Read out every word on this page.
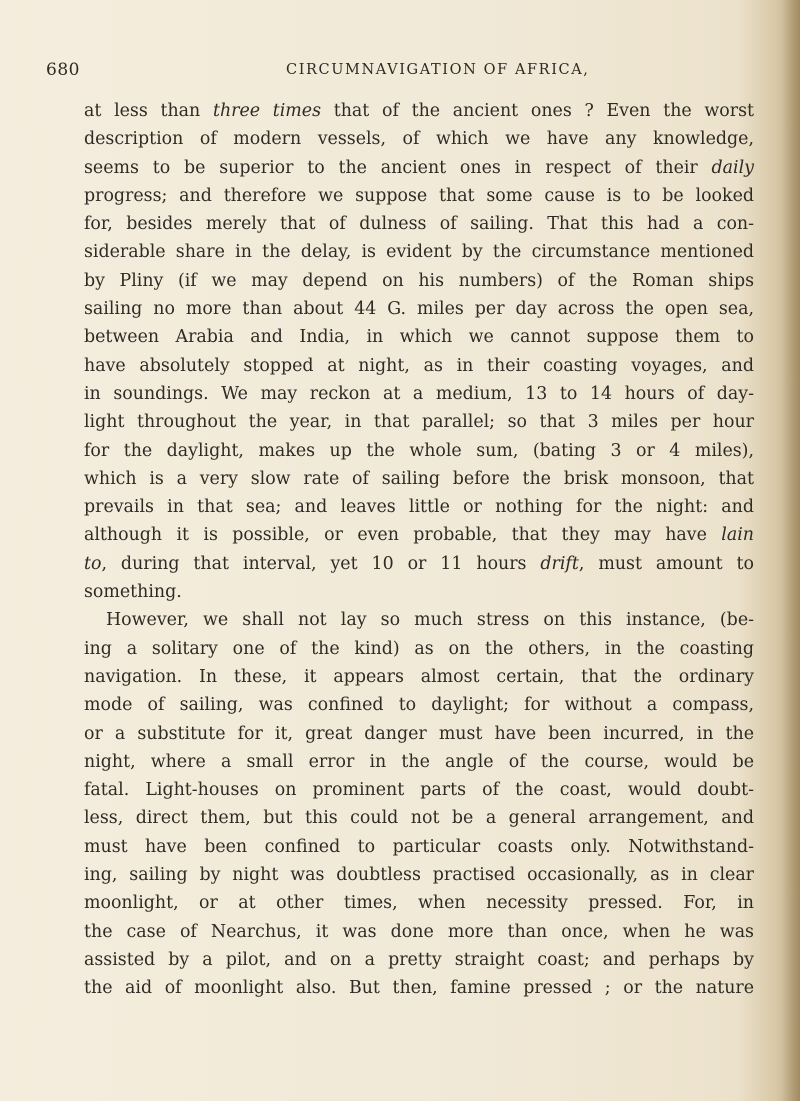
680	CIRCUMNAVIGATION OF AFRICA,
at less than three times that of the ancient ones ? Even the worst
description of modern vessels, of which we have any knowledge,
seems to be superior to the ancient ones in respect of their daily
progress; and therefore we suppose that some cause is to be looked
for, besides merely that of dulness of sailing. That this had a con-
siderable share in the delay, is evident by the circumstance mentioned
by Pliny (if we may depend on his numbers) of the Roman ships
sailing no more than about 44 G. miles per day across the open sea,
between Arabia and India, in which we cannot suppose them to
have absolutely stopped at night, as in their coasting voyages, and
in soundings. We may reckon at a medium, 13 to 14 hours of day-
light throughout the year, in that parallel; so that 3 miles per hour
for the daylight, makes up the whole sum, (bating 3 or 4 miles),
which is a very slow rate of sailing before the brisk monsoon, that
prevails in that sea; and leaves little or nothing for the night: and
although it is possible, or even probable, that they may have lain
to, during that interval, yet 10 or 11 hours drift, must amount to
something.
However, we shall not lay so much stress on this instance, (be-
ing a solitary one of the kind) as on the others, in the coasting
navigation. In these, it appears almost certain, that the ordinary
mode of sailing, was confined to daylight; for without a compass,
or a substitute for it, great danger must have been incurred, in the
night, where a small error in the angle of the course, would be
fatal. Light-houses on prominent parts of the coast, would doubt-
less, direct them, but this could not be a general arrangement, and
must have been confined to particular coasts only. Notwithstand-
ing, sailing by night was doubtless practised occasionally, as in clear
moonlight, or at other times, when necessity pressed. For, in
the case of Nearchus, it was done more than once, when he was
assisted by a pilot, and on a pretty straight coast; and perhaps by
the aid of moonlight also. But then, famine pressed ; or the nature
